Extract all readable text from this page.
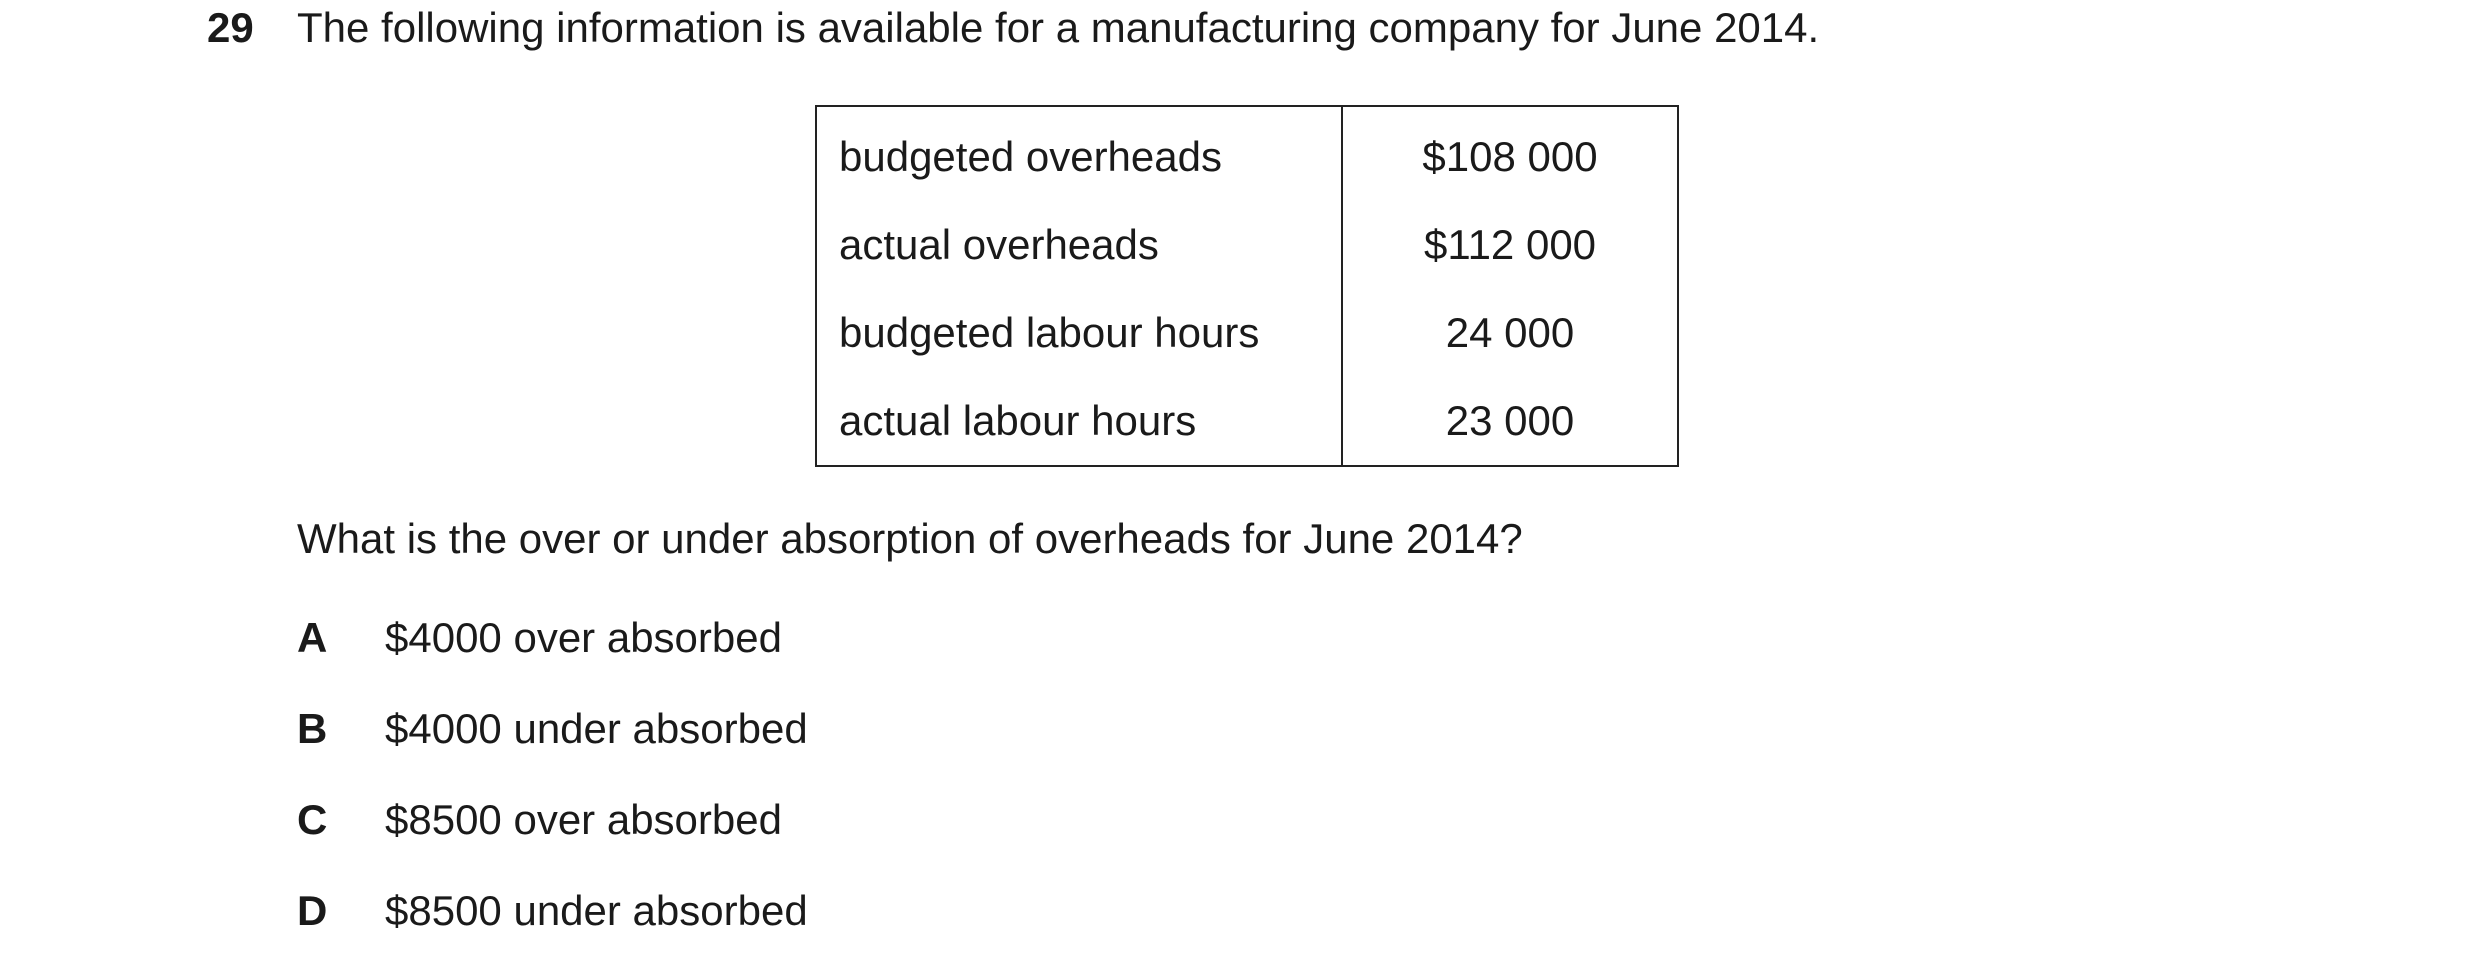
29 The following information is available for a manufacturing company for June 2014.
budgeted overheads	$108 000
actual overheads	$112 000
budgeted labour hours	24 000
actual labour hours	23 000
What is the over or under absorption of overheads for June 2014?
A $4000 over absorbed
B $4000 under absorbed
C $8500 over absorbed
D $8500 under absorbed
